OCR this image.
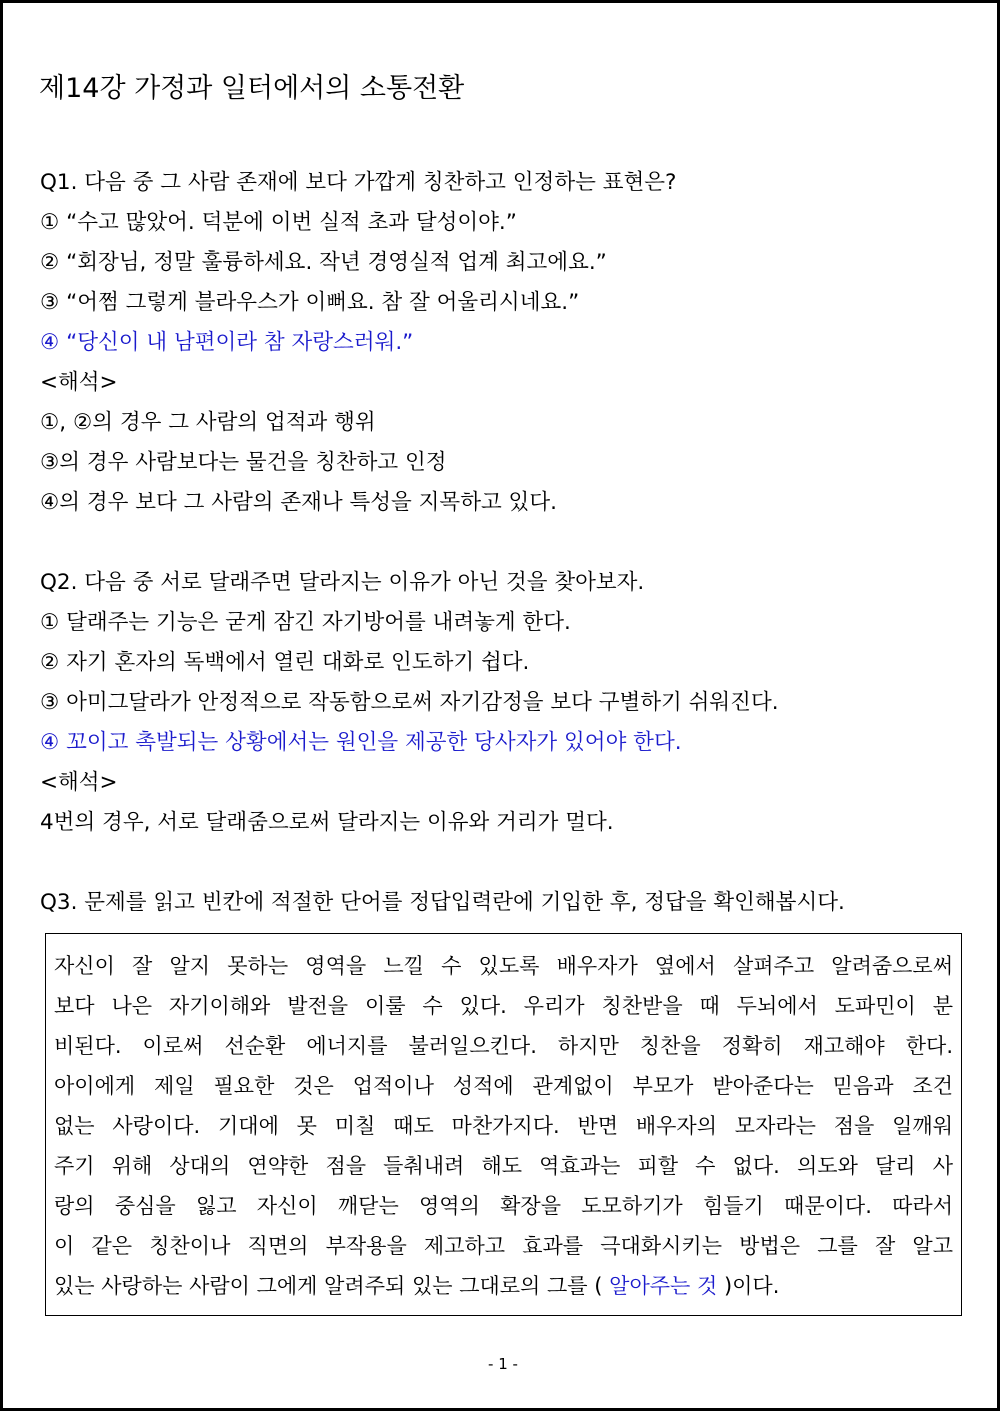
제14강 가정과 일터에서의 소통전환
Q1. 다음 중 그 사람 존재에 보다 가깝게 칭찬하고 인정하는 표현은?
① “수고 많았어. 덕분에 이번 실적 초과 달성이야.”
② “회장님, 정말 훌륭하세요. 작년 경영실적 업계 최고에요.”
③ “어쩜 그렇게 블라우스가 이뻐요. 참 잘 어울리시네요.”
④ “당신이 내 남편이라 참 자랑스러워.”
<해석>
①, ②의 경우 그 사람의 업적과 행위
③의 경우 사람보다는 물건을 칭찬하고 인정
④의 경우 보다 그 사람의 존재나 특성을 지목하고 있다.
Q2. 다음 중 서로 달래주면 달라지는 이유가 아닌 것을 찾아보자.
① 달래주는 기능은 굳게 잠긴 자기방어를 내려놓게 한다.
② 자기 혼자의 독백에서 열린 대화로 인도하기 쉽다.
③ 아미그달라가 안정적으로 작동함으로써 자기감정을 보다 구별하기 쉬워진다.
④ 꼬이고 촉발되는 상황에서는 원인을 제공한 당사자가 있어야 한다.
<해석>
4번의 경우, 서로 달래줌으로써 달라지는 이유와 거리가 멀다.
Q3. 문제를 읽고 빈칸에 적절한 단어를 정답입력란에 기입한 후, 정답을 확인해봅시다.
자신이 잘 알지 못하는 영역을 느낄 수 있도록 배우자가 옆에서 살펴주고 알려줌으로써
보다 나은 자기이해와 발전을 이룰 수 있다. 우리가 칭찬받을 때 두뇌에서 도파민이 분
비된다. 이로써 선순환 에너지를 불러일으킨다. 하지만 칭찬을 정확히 재고해야 한다.
아이에게 제일 필요한 것은 업적이나 성적에 관계없이 부모가 받아준다는 믿음과 조건
없는 사랑이다. 기대에 못 미칠 때도 마찬가지다. 반면 배우자의 모자라는 점을 일깨워
주기 위해 상대의 연약한 점을 들춰내려 해도 역효과는 피할 수 없다. 의도와 달리 사
랑의 중심을 잃고 자신이 깨닫는 영역의 확장을 도모하기가 힘들기 때문이다. 따라서
이 같은 칭찬이나 직면의 부작용을 제고하고 효과를 극대화시키는 방법은 그를 잘 알고
있는 사랑하는 사람이 그에게 알려주되 있는 그대로의 그를 ( 알아주는 것 )이다.
- 1 -
